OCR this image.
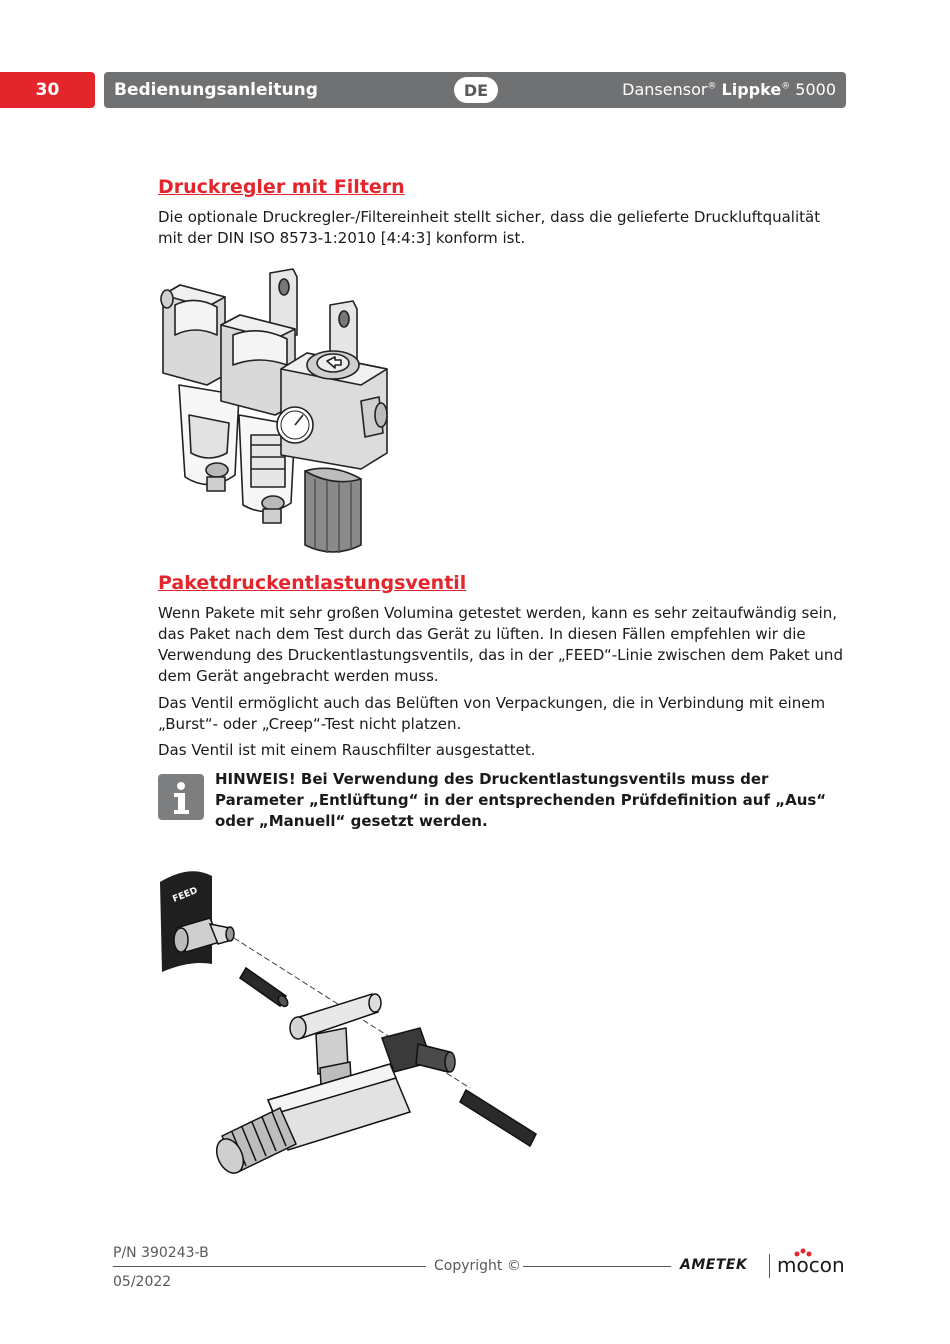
30	Bedienungsanleitung	DE	Dansensor® Lippke® 5000
Druckregler mit Filtern

Die optionale Druckregler-/Filtereinheit stellt sicher, dass die gelieferte Druckluftqualität mit der DIN ISO 8573-1:2010 [4:4:3] konform ist.

Paketdruckentlastungsventil

Wenn Pakete mit sehr großen Volumina getestet werden, kann es sehr zeitaufwändig sein, das Paket nach dem Test durch das Gerät zu lüften. In diesen Fällen empfehlen wir die Verwendung des Druckentlastungsventils, das in der „FEED“-Linie zwischen dem Paket und dem Gerät angebracht werden muss.

Das Ventil ermöglicht auch das Belüften von Verpackungen, die in Verbindung mit einem „Burst“- oder „Creep“-Test nicht platzen.

Das Ventil ist mit einem Rauschfilter ausgestattet.

HINWEIS! Bei Verwendung des Druckentlastungsventils muss der Parameter „Entlüftung“ in der entsprechenden Prüfdefinition auf „Aus“ oder „Manuell“ gesetzt werden.

FEED
P/N 390243-B
05/2022
Copyright ©	AMETEK mocon
